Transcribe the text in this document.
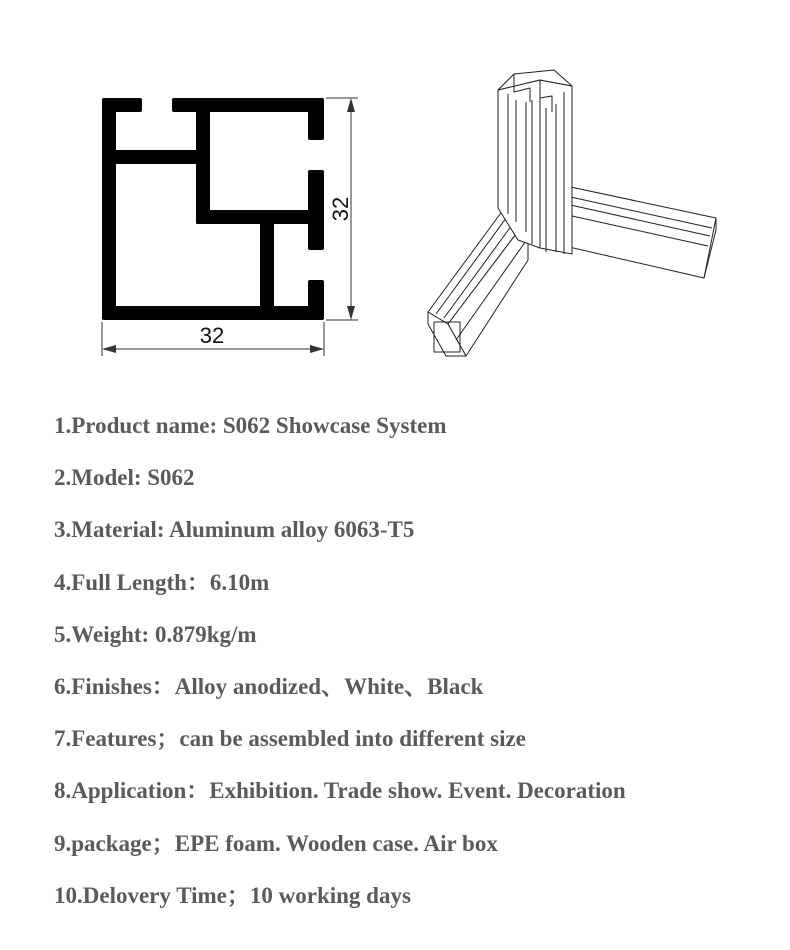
32
32
1.Product name: S062 Showcase System
2.Model: S062
3.Material: Aluminum alloy 6063-T5
4.Full Length：6.10m
5.Weight: 0.879kg/m
6.Finishes：Alloy anodized、White、Black
7.Features；can be assembled into different size
8.Application：Exhibition. Trade show. Event. Decoration
9.package；EPE foam. Wooden case. Air box
10.Delovery Time；10 working days
